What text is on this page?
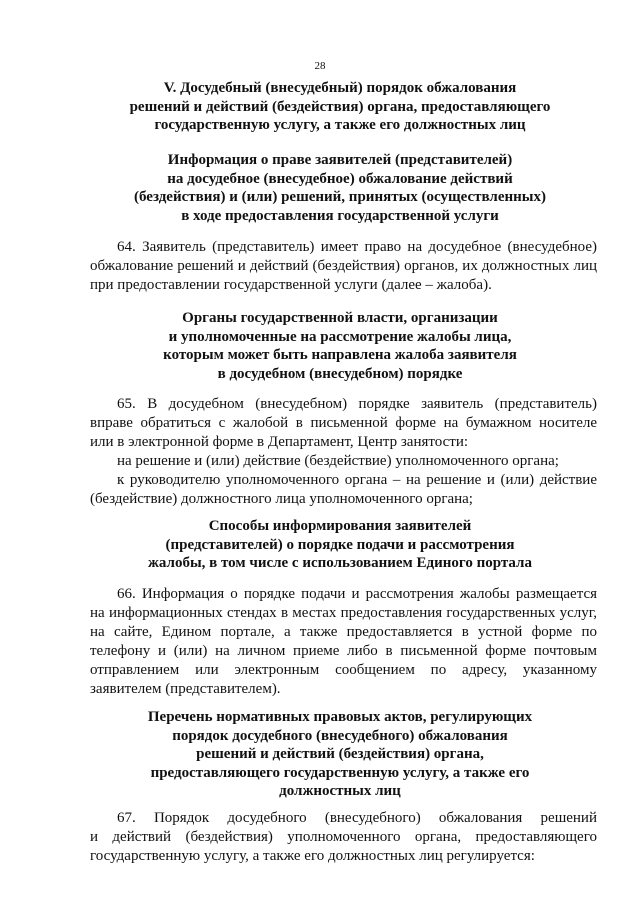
28
V. Досудебный (внесудебный) порядок обжалования
решений и действий (бездействия) органа, предоставляющего
государственную услугу, а также его должностных лиц
Информация о праве заявителей (представителей)
на досудебное (внесудебное) обжалование действий
(бездействия) и (или) решений, принятых (осуществленных)
в ходе предоставления государственной услуги
64. Заявитель (представитель) имеет право на досудебное (внесудебное)
обжалование решений и действий (бездействия) органов, их должностных лиц
при предоставлении государственной услуги (далее – жалоба).
Органы государственной власти, организации
и уполномоченные на рассмотрение жалобы лица,
которым может быть направлена жалоба заявителя
в досудебном (внесудебном) порядке
65. В досудебном (внесудебном) порядке заявитель (представитель)
вправе обратиться с жалобой в письменной форме на бумажном носителе
или в электронной форме в Департамент, Центр занятости:
на решение и (или) действие (бездействие) уполномоченного органа;
к руководителю уполномоченного органа – на решение и (или) действие
(бездействие) должностного лица уполномоченного органа;
Способы информирования заявителей
(представителей) о порядке подачи и рассмотрения
жалобы, в том числе с использованием Единого портала
66. Информация о порядке подачи и рассмотрения жалобы размещается
на информационных стендах в местах предоставления государственных услуг,
на сайте, Едином портале, а также предоставляется в устной форме по
телефону и (или) на личном приеме либо в письменной форме почтовым
отправлением или электронным сообщением по адресу, указанному
заявителем (представителем).
Перечень нормативных правовых актов, регулирующих
порядок досудебного (внесудебного) обжалования
решений и действий (бездействия) органа,
предоставляющего государственную услугу, а также его
должностных лиц
67. Порядок досудебного (внесудебного) обжалования решений
и действий (бездействия) уполномоченного органа, предоставляющего
государственную услугу, а также его должностных лиц регулируется:
